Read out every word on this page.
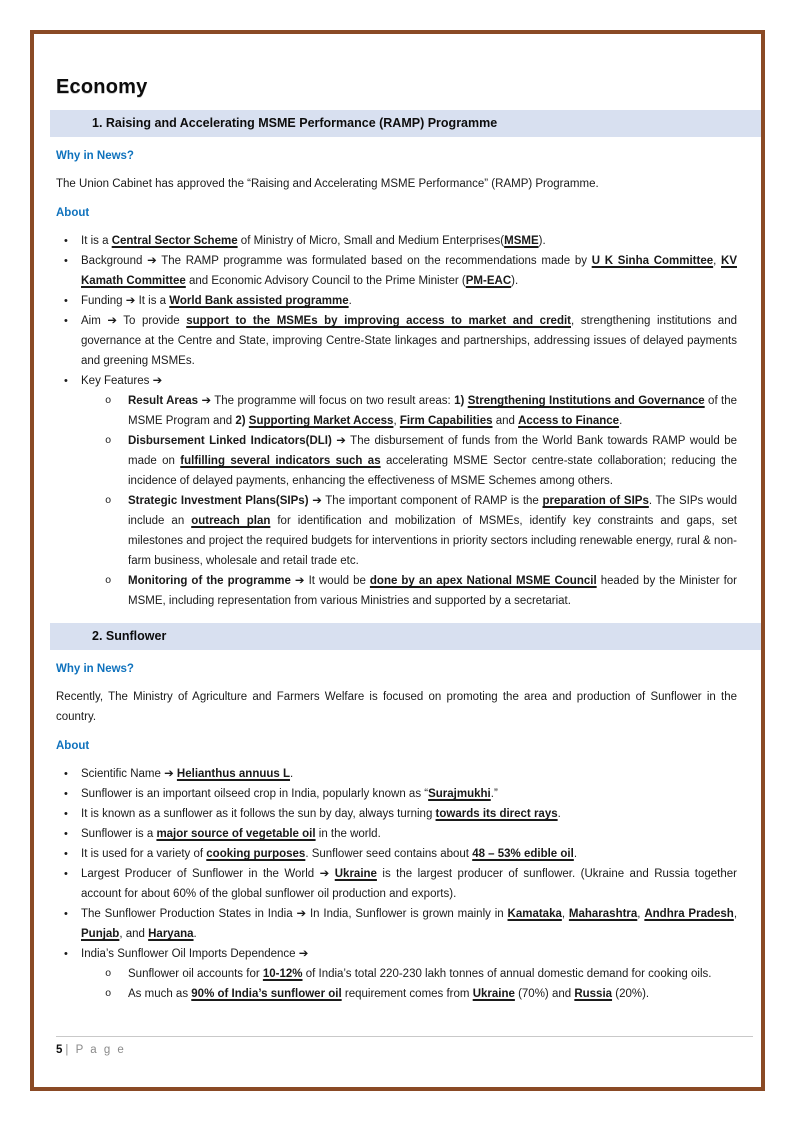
Economy
1. Raising and Accelerating MSME Performance (RAMP) Programme
Why in News?

The Union Cabinet has approved the “Raising and Accelerating MSME Performance” (RAMP) Programme.

About
• It is a Central Sector Scheme of Ministry of Micro, Small and Medium Enterprises(MSME).
• Background ➔ The RAMP programme was formulated based on the recommendations made by U K Sinha Committee, KV Kamath Committee and Economic Advisory Council to the Prime Minister (PM-EAC).
• Funding ➔ It is a World Bank assisted programme.
• Aim ➔ To provide support to the MSMEs by improving access to market and credit, strengthening institutions and governance at the Centre and State, improving Centre-State linkages and partnerships, addressing issues of delayed payments and greening MSMEs.
• Key Features ➔
o Result Areas ➔ The programme will focus on two result areas: 1) Strengthening Institutions and Governance of the MSME Program and 2) Supporting Market Access, Firm Capabilities and Access to Finance.
o Disbursement Linked Indicators(DLI) ➔ The disbursement of funds from the World Bank towards RAMP would be made on fulfilling several indicators such as accelerating MSME Sector centre-state collaboration; reducing the incidence of delayed payments, enhancing the effectiveness of MSME Schemes among others.
o Strategic Investment Plans(SIPs) ➔ The important component of RAMP is the preparation of SIPs. The SIPs would include an outreach plan for identification and mobilization of MSMEs, identify key constraints and gaps, set milestones and project the required budgets for interventions in priority sectors including renewable energy, rural & non-farm business, wholesale and retail trade etc.
o Monitoring of the programme ➔ It would be done by an apex National MSME Council headed by the Minister for MSME, including representation from various Ministries and supported by a secretariat.
2. Sunflower
Why in News?

Recently, The Ministry of Agriculture and Farmers Welfare is focused on promoting the area and production of Sunflower in the country.

About
• Scientific Name ➔ Helianthus annuus L.
• Sunflower is an important oilseed crop in India, popularly known as “Surajmukhi.”
• It is known as a sunflower as it follows the sun by day, always turning towards its direct rays.
• Sunflower is a major source of vegetable oil in the world.
• It is used for a variety of cooking purposes. Sunflower seed contains about 48 – 53% edible oil.
• Largest Producer of Sunflower in the World ➔ Ukraine is the largest producer of sunflower. (Ukraine and Russia together account for about 60% of the global sunflower oil production and exports).
• The Sunflower Production States in India ➔ In India, Sunflower is grown mainly in Kamataka, Maharashtra, Andhra Pradesh, Punjab, and Haryana.
• India’s Sunflower Oil Imports Dependence ➔
o Sunflower oil accounts for 10-12% of India’s total 220-230 lakh tonnes of annual domestic demand for cooking oils.
o As much as 90% of India’s sunflower oil requirement comes from Ukraine (70%) and Russia (20%).
5 | P a g e
